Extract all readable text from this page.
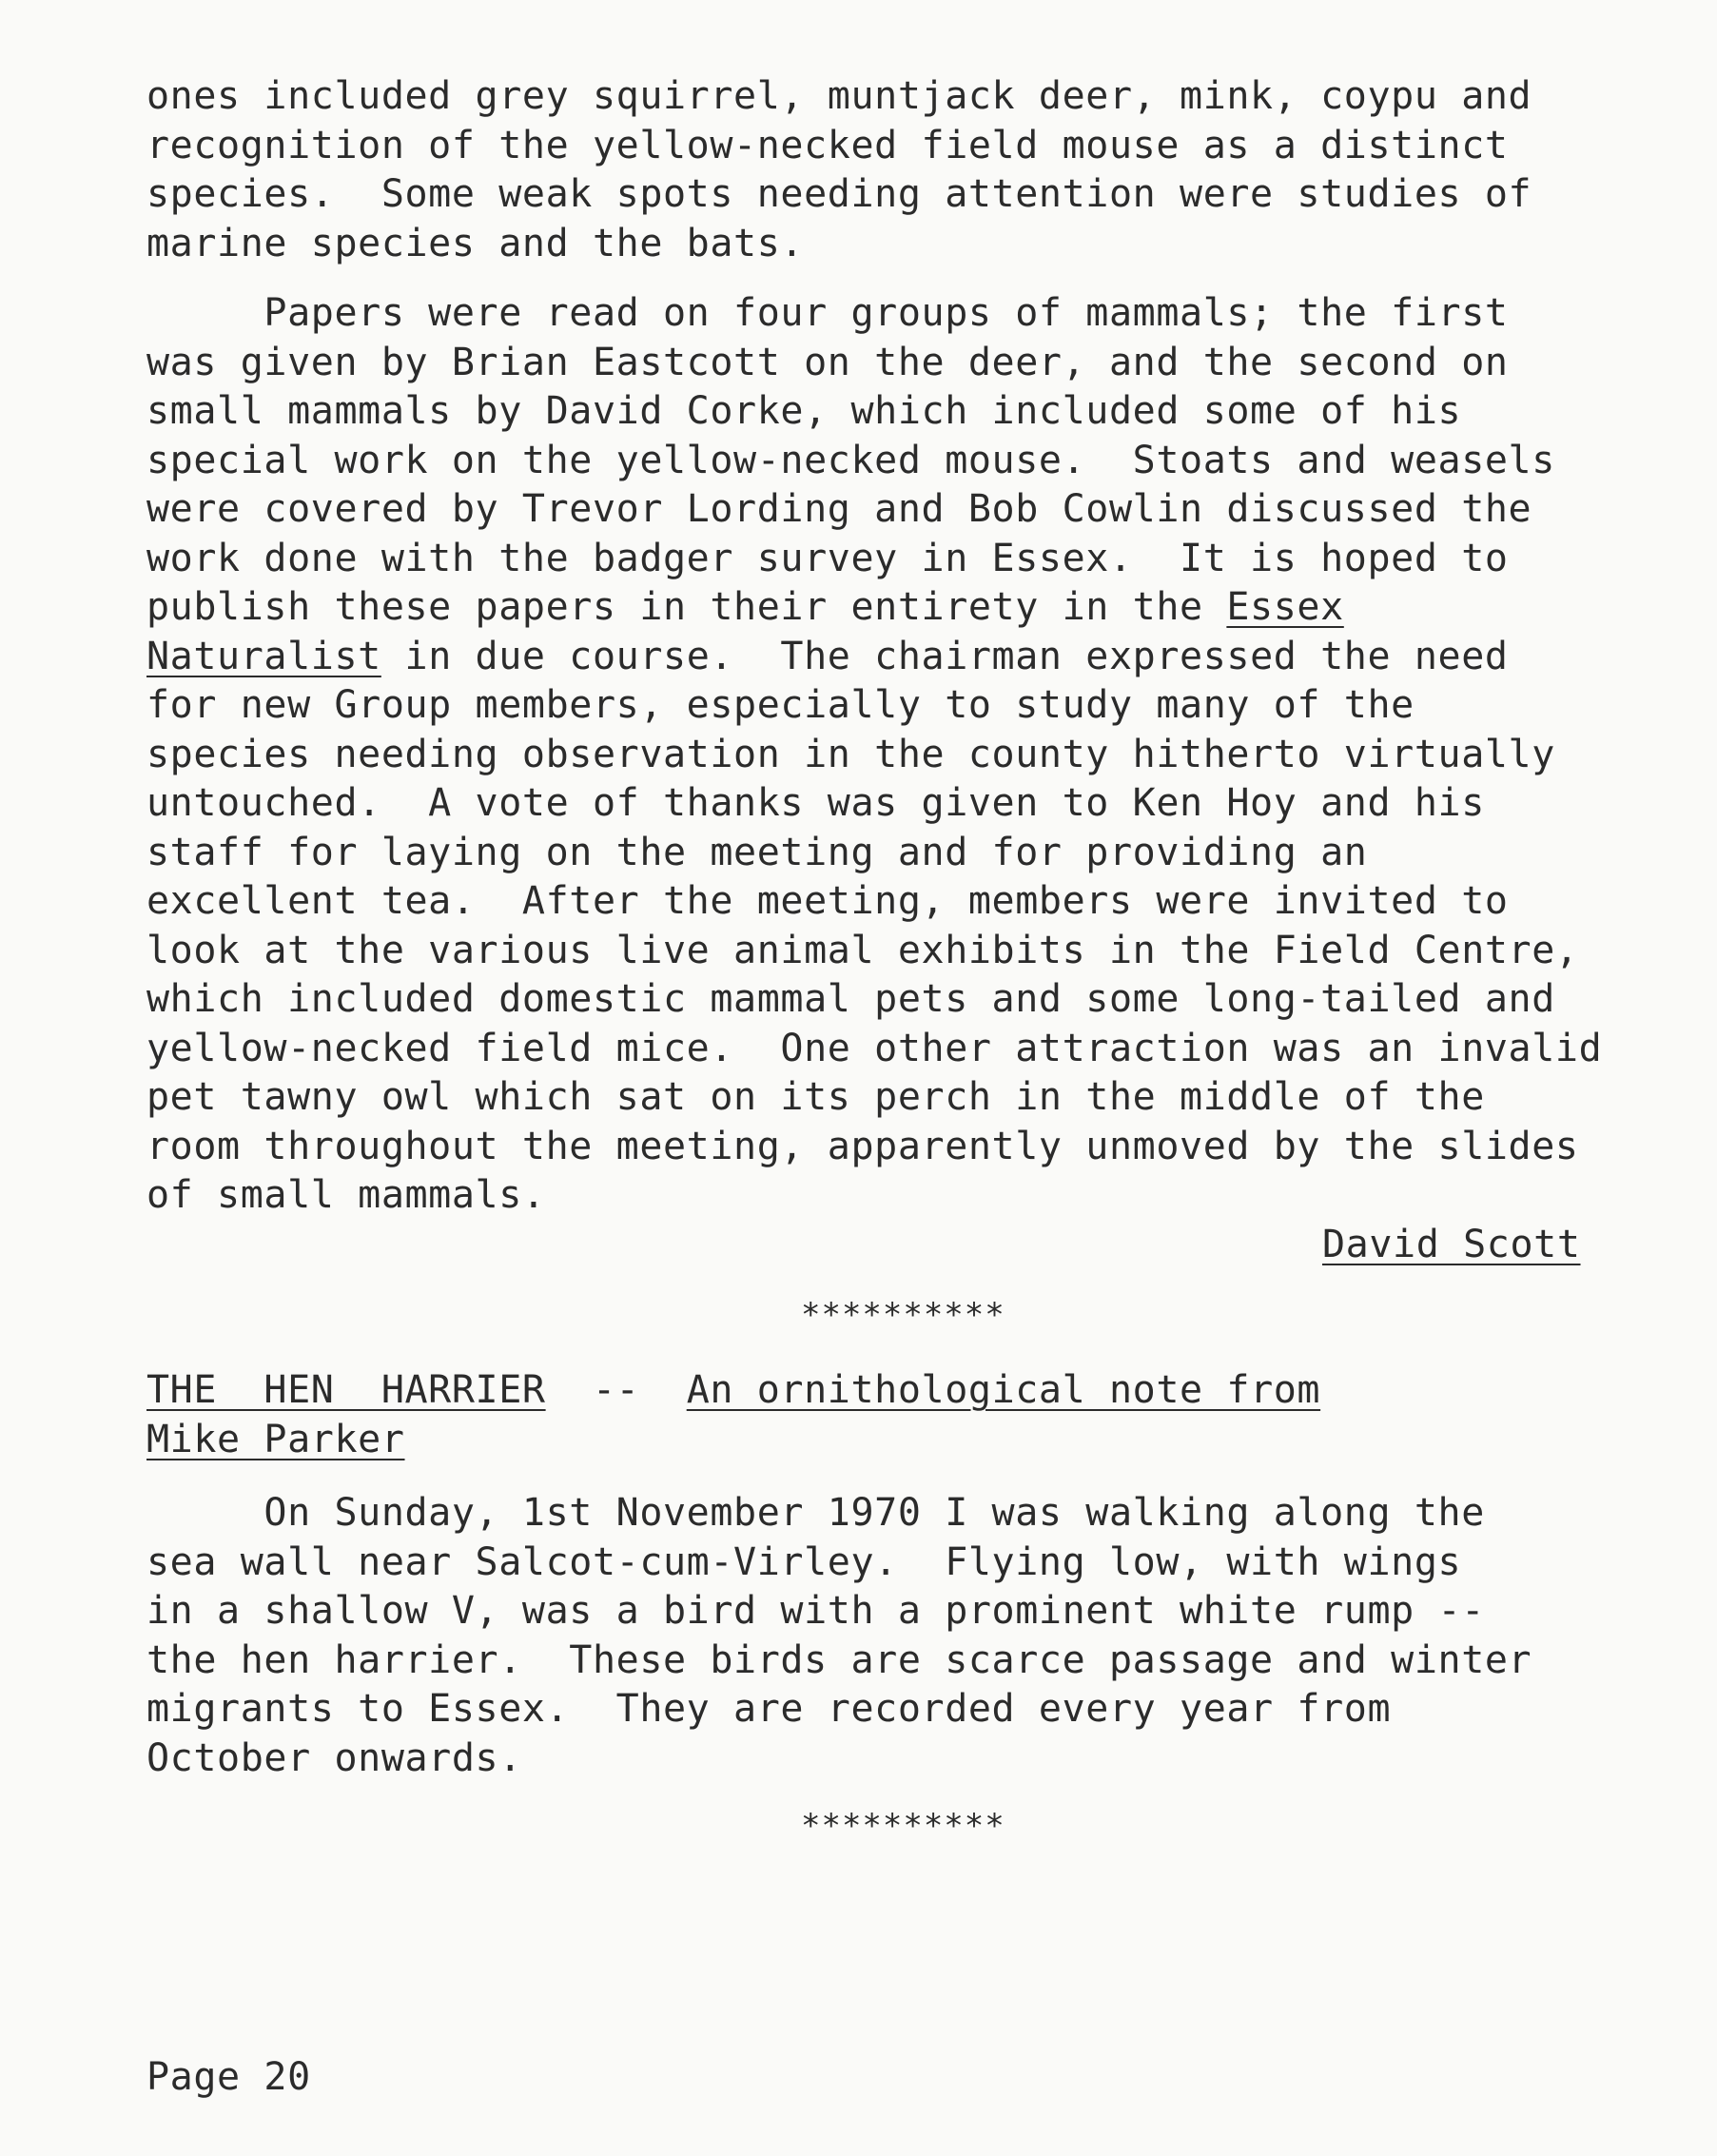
ones included grey squirrel, muntjack deer, mink, coypu and
recognition of the yellow-necked field mouse as a distinct
species.  Some weak spots needing attention were studies of
marine species and the bats.
Papers were read on four groups of mammals; the first
was given by Brian Eastcott on the deer, and the second on
small mammals by David Corke, which included some of his
special work on the yellow-necked mouse.  Stoats and weasels
were covered by Trevor Lording and Bob Cowlin discussed the
work done with the badger survey in Essex.  It is hoped to
publish these papers in their entirety in the Essex
Naturalist in due course.  The chairman expressed the need
for new Group members, especially to study many of the
species needing observation in the county hitherto virtually
untouched.  A vote of thanks was given to Ken Hoy and his
staff for laying on the meeting and for providing an
excellent tea.  After the meeting, members were invited to
look at the various live animal exhibits in the Field Centre,
which included domestic mammal pets and some long-tailed and
yellow-necked field mice.  One other attraction was an invalid
pet tawny owl which sat on its perch in the middle of the
room throughout the meeting, apparently unmoved by the slides
of small mammals.
David Scott
**********
THE  HEN  HARRIER  --  An ornithological note from
Mike Parker
On Sunday, 1st November 1970 I was walking along the
sea wall near Salcot-cum-Virley.  Flying low, with wings
in a shallow V, was a bird with a prominent white rump --
the hen harrier.  These birds are scarce passage and winter
migrants to Essex.  They are recorded every year from
October onwards.
**********
Page 20
